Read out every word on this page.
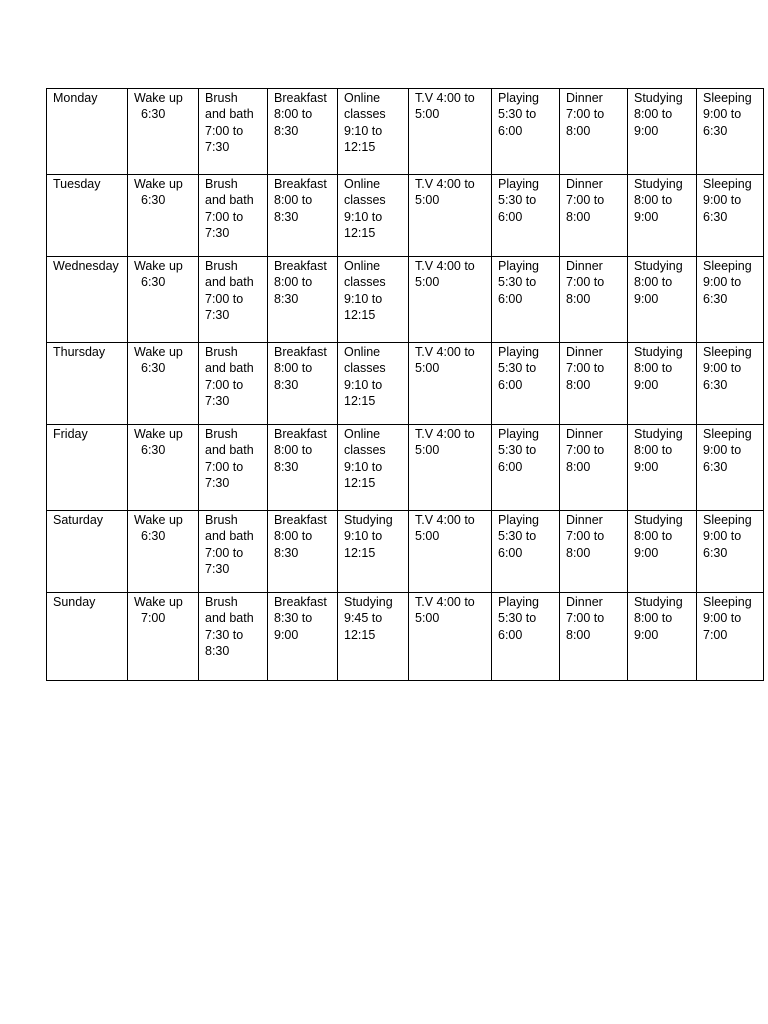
Monday	Wake up
6:30	Brush
and bath
7:00 to
7:30	Breakfast
8:00 to
8:30	Online
classes
9:10 to
12:15	T.V 4:00 to
5:00	Playing
5:30 to
6:00	Dinner
7:00 to
8:00	Studying
8:00 to
9:00	Sleeping
9:00 to
6:30

Tuesday	Wake up
6:30	Brush
and bath
7:00 to
7:30	Breakfast
8:00 to
8:30	Online
classes
9:10 to
12:15	T.V 4:00 to
5:00	Playing
5:30 to
6:00	Dinner
7:00 to
8:00	Studying
8:00 to
9:00	Sleeping
9:00 to
6:30

Wednesday	Wake up
6:30	Brush
and bath
7:00 to
7:30	Breakfast
8:00 to
8:30	Online
classes
9:10 to
12:15	T.V 4:00 to
5:00	Playing
5:30 to
6:00	Dinner
7:00 to
8:00	Studying
8:00 to
9:00	Sleeping
9:00 to
6:30

Thursday	Wake up
6:30	Brush
and bath
7:00 to
7:30	Breakfast
8:00 to
8:30	Online
classes
9:10 to
12:15	T.V 4:00 to
5:00	Playing
5:30 to
6:00	Dinner
7:00 to
8:00	Studying
8:00 to
9:00	Sleeping
9:00 to
6:30

Friday	Wake up
6:30	Brush
and bath
7:00 to
7:30	Breakfast
8:00 to
8:30	Online
classes
9:10 to
12:15	T.V 4:00 to
5:00	Playing
5:30 to
6:00	Dinner
7:00 to
8:00	Studying
8:00 to
9:00	Sleeping
9:00 to
6:30

Saturday	Wake up
6:30	Brush
and bath
7:00 to
7:30	Breakfast
8:00 to
8:30	Studying
9:10 to
12:15	T.V 4:00 to
5:00	Playing
5:30 to
6:00	Dinner
7:00 to
8:00	Studying
8:00 to
9:00	Sleeping
9:00 to
6:30

Sunday	Wake up
7:00	Brush
and bath
7:30 to
8:30	Breakfast
8:30 to
9:00	Studying
9:45 to
12:15	T.V 4:00 to
5:00	Playing
5:30 to
6:00	Dinner
7:00 to
8:00	Studying
8:00 to
9:00	Sleeping
9:00 to
7:00
